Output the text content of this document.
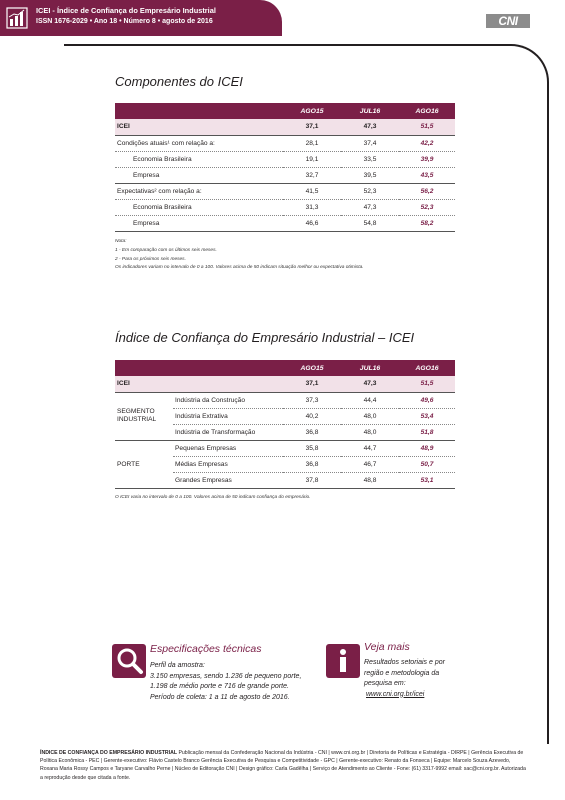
ICEI - Índice de Confiança do Empresário Industrial
ISSN 1676-2029 • Ano 18 • Número 8 • agosto de 2016	CNI
Componentes do ICEI
	AGO15	JUL16	AGO16
ICEI	37,1	47,3	51,5
Condições atuais¹ com relação a:	28,1	37,4	42,2
Economia Brasileira	19,1	33,5	39,9
Empresa	32,7	39,5	43,5
Expectativas² com relação a:	41,5	52,3	56,2
Economia Brasileira	31,3	47,3	52,3
Empresa	46,6	54,8	58,2
Nota:
1 - Em comparação com os últimos seis meses.
2 - Para os próximos seis meses.
Os indicadores variam no intervalo de 0 a 100. Valores acima de 50 indicam situação melhor ou expectativa otimista.
Índice de Confiança do Empresário Industrial – ICEI
		AGO15	JUL16	AGO16
ICEI		37,1	47,3	51,5
SEGMENTO INDUSTRIAL	Indústria da Construção	37,3	44,4	49,6
	Indústria Extrativa	40,2	48,0	53,4
	Indústria de Transformação	36,8	48,0	51,8
PORTE	Pequenas Empresas	35,8	44,7	48,9
	Médias Empresas	36,8	46,7	50,7
	Grandes Empresas	37,8	48,8	53,1
O ICEI varia no intervalo de 0 a 100. Valores acima de 50 indicam confiança do empresário.
Especificações técnicas
Perfil da amostra:
3.150 empresas, sendo 1.236 de pequeno porte,
1.198 de médio porte e 716 de grande porte.
Período de coleta: 1 a 11 de agosto de 2016.
Veja mais
Resultados setoriais e por
região e metodologia da
pesquisa em:
www.cni.org.br/icei
ÍNDICE DE CONFIANÇA DO EMPRESÁRIO INDUSTRIAL Publicação mensal da Confederação Nacional da Indústria - CNI | www.cni.org.br | Diretoria de Políticas e Estratégia - DIRPE | Gerência Executiva de Política Econômica - PEC | Gerente-executivo: Flávio Castelo Branco Gerência Executiva de Pesquisa e Competitividade - GPC | Gerente-executivo: Renato da Fonseca | Equipe: Marcelo Souza Azevedo, Roxana Maria Rossy Campos e Taryane Carvalho Perne | Núcleo de Editoração CNI | Design gráfico: Carla Gadêlha | Serviço de Atendimento ao Cliente - Fone: (61) 3317-9992 email: sac@cni.org.br. Autorizada a reprodução desde que citada a fonte.
